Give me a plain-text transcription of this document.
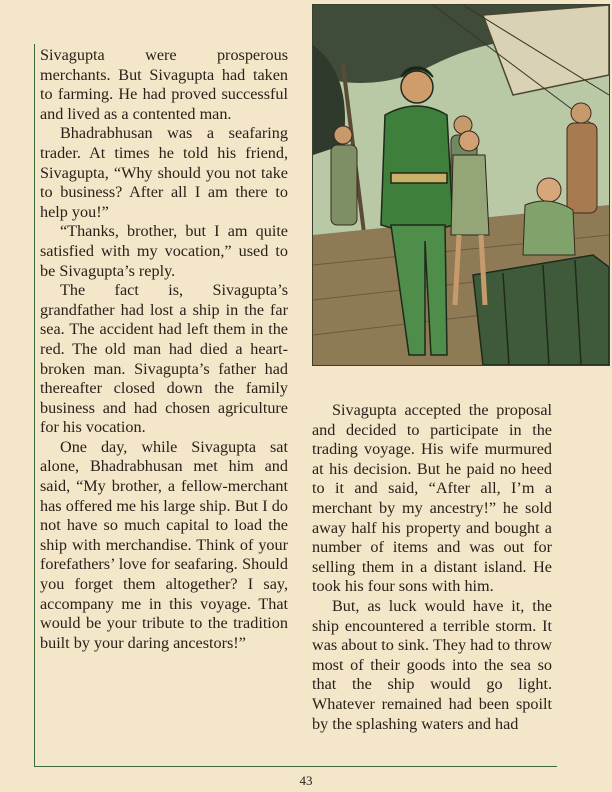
Sivagupta were prosperous merchants. But Sivagupta had taken to farming. He had proved successful and lived as a contented man.

Bhadrabhusan was a seafaring trader. At times he told his friend, Sivagupta, “Why should you not take to business? After all I am there to help you!”

“Thanks, brother, but I am quite satisfied with my vocation,” used to be Sivagupta’s reply.

The fact is, Sivagupta’s grandfather had lost a ship in the far sea. The accident had left them in the red. The old man had died a heart-broken man. Sivagupta’s father had thereafter closed down the family business and had chosen agriculture for his vocation.

One day, while Sivagupta sat alone, Bhadrabhusan met him and said, “My brother, a fellow-merchant has offered me his large ship. But I do not have so much capital to load the ship with merchandise. Think of your forefathers’ love for seafaring. Should you forget them altogether? I say, accompany me in this voyage. That would be your tribute to the tradition built by your daring ancestors!”

Sivagupta accepted the proposal and decided to participate in the trading voyage. His wife murmured at his decision. But he paid no heed to it and said, “After all, I’m a merchant by my ancestry!” he sold away half his property and bought a number of items and was out for selling them in a distant island. He took his four sons with him.

But, as luck would have it, the ship encountered a terrible storm. It was about to sink. They had to throw most of their goods into the sea so that the ship would go light. Whatever remained had been spoilt by the splashing waters and had

43
